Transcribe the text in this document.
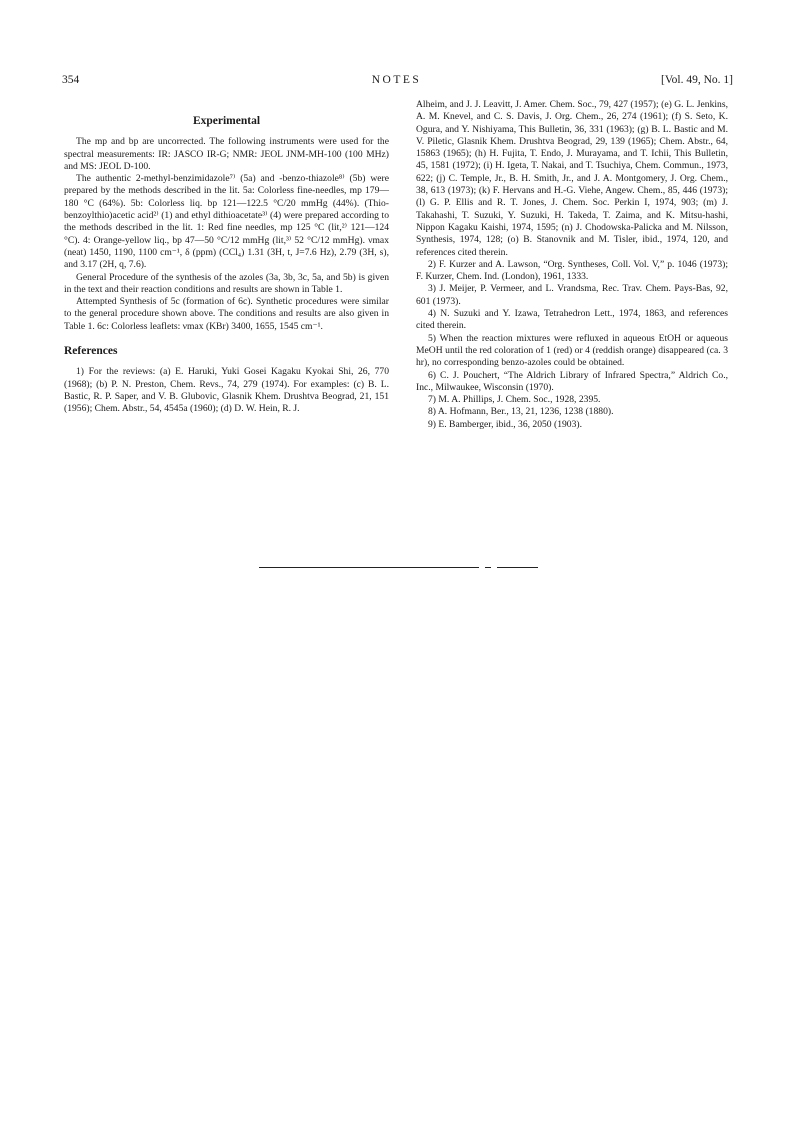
354	NOTES	[Vol. 49, No. 1]
Experimental

The mp and bp are uncorrected. The following instruments were used for the spectral measurements: IR: JASCO IR-G; NMR: JEOL JNM-MH-100 (100 MHz) and MS: JEOL D-100.

The authentic 2-methyl-benzimidazole⁷⁾ (5a) and -benzo-thiazole⁸⁾ (5b) were prepared by the methods described in the lit. 5a: Colorless fine-needles, mp 179—180 °C (64%). 5b: Colorless liq. bp 121—122.5 °C/20 mmHg (44%). (Thio-benzoylthio)acetic acid²⁾ (1) and ethyl dithioacetate³⁾ (4) were prepared according to the methods described in the lit. 1: Red fine needles, mp 125 °C (lit,²⁾ 121—124 °C). 4: Orange-yellow liq., bp 47—50 °C/12 mmHg (lit,³⁾ 52 °C/12 mmHg). νmax (neat) 1450, 1190, 1100 cm⁻¹, δ (ppm) (CCl₄) 1.31 (3H, t, J=7.6 Hz), 2.79 (3H, s), and 3.17 (2H, q, 7.6).

General Procedure of the synthesis of the azoles (3a, 3b, 3c, 5a, and 5b) is given in the text and their reaction conditions and results are shown in Table 1.

Attempted Synthesis of 5c (formation of 6c). Synthetic procedures were similar to the general procedure shown above. The conditions and results are also given in Table 1. 6c: Colorless leaflets: νmax (KBr) 3400, 1655, 1545 cm⁻¹.

References

1) For the reviews: (a) E. Haruki, Yuki Gosei Kagaku Kyokai Shi, 26, 770 (1968); (b) P. N. Preston, Chem. Revs., 74, 279 (1974). For examples: (c) B. L. Bastic, R. P. Saper, and V. B. Glubovic, Glasnik Khem. Drushtva Beograd, 21, 151 (1956); Chem. Abstr., 54, 4545a (1960); (d) D. W. Hein, R. J.

Alheim, and J. J. Leavitt, J. Amer. Chem. Soc., 79, 427 (1957); (e) G. L. Jenkins, A. M. Knevel, and C. S. Davis, J. Org. Chem., 26, 274 (1961); (f) S. Seto, K. Ogura, and Y. Nishiyama, This Bulletin, 36, 331 (1963); (g) B. L. Bastic and M. V. Piletic, Glasnik Khem. Drushtva Beograd, 29, 139 (1965); Chem. Abstr., 64, 15863 (1965); (h) H. Fujita, T. Endo, J. Murayama, and T. Ichii, This Bulletin, 45, 1581 (1972); (i) H. Igeta, T. Nakai, and T. Tsuchiya, Chem. Commun., 1973, 622; (j) C. Temple, Jr., B. H. Smith, Jr., and J. A. Montgomery, J. Org. Chem., 38, 613 (1973); (k) F. Hervans and H.-G. Viehe, Angew. Chem., 85, 446 (1973); (l) G. P. Ellis and R. T. Jones, J. Chem. Soc. Perkin I, 1974, 903; (m) J. Takahashi, T. Suzuki, Y. Suzuki, H. Takeda, T. Zaima, and K. Mitsu-hashi, Nippon Kagaku Kaishi, 1974, 1595; (n) J. Chodowska-Palicka and M. Nilsson, Synthesis, 1974, 128; (o) B. Stanovnik and M. Tisler, ibid., 1974, 120, and references cited therein.

2) F. Kurzer and A. Lawson, “Org. Syntheses, Coll. Vol. V,” p. 1046 (1973); F. Kurzer, Chem. Ind. (London), 1961, 1333.

3) J. Meijer, P. Vermeer, and L. Vrandsma, Rec. Trav. Chem. Pays-Bas, 92, 601 (1973).

4) N. Suzuki and Y. Izawa, Tetrahedron Lett., 1974, 1863, and references cited therein.

5) When the reaction mixtures were refluxed in aqueous EtOH or aqueous MeOH until the red coloration of 1 (red) or 4 (reddish orange) disappeared (ca. 3 hr), no corresponding benzo-azoles could be obtained.

6) C. J. Pouchert, “The Aldrich Library of Infrared Spectra,” Aldrich Co., Inc., Milwaukee, Wisconsin (1970).

7) M. A. Phillips, J. Chem. Soc., 1928, 2395.

8) A. Hofmann, Ber., 13, 21, 1236, 1238 (1880).

9) E. Bamberger, ibid., 36, 2050 (1903).
